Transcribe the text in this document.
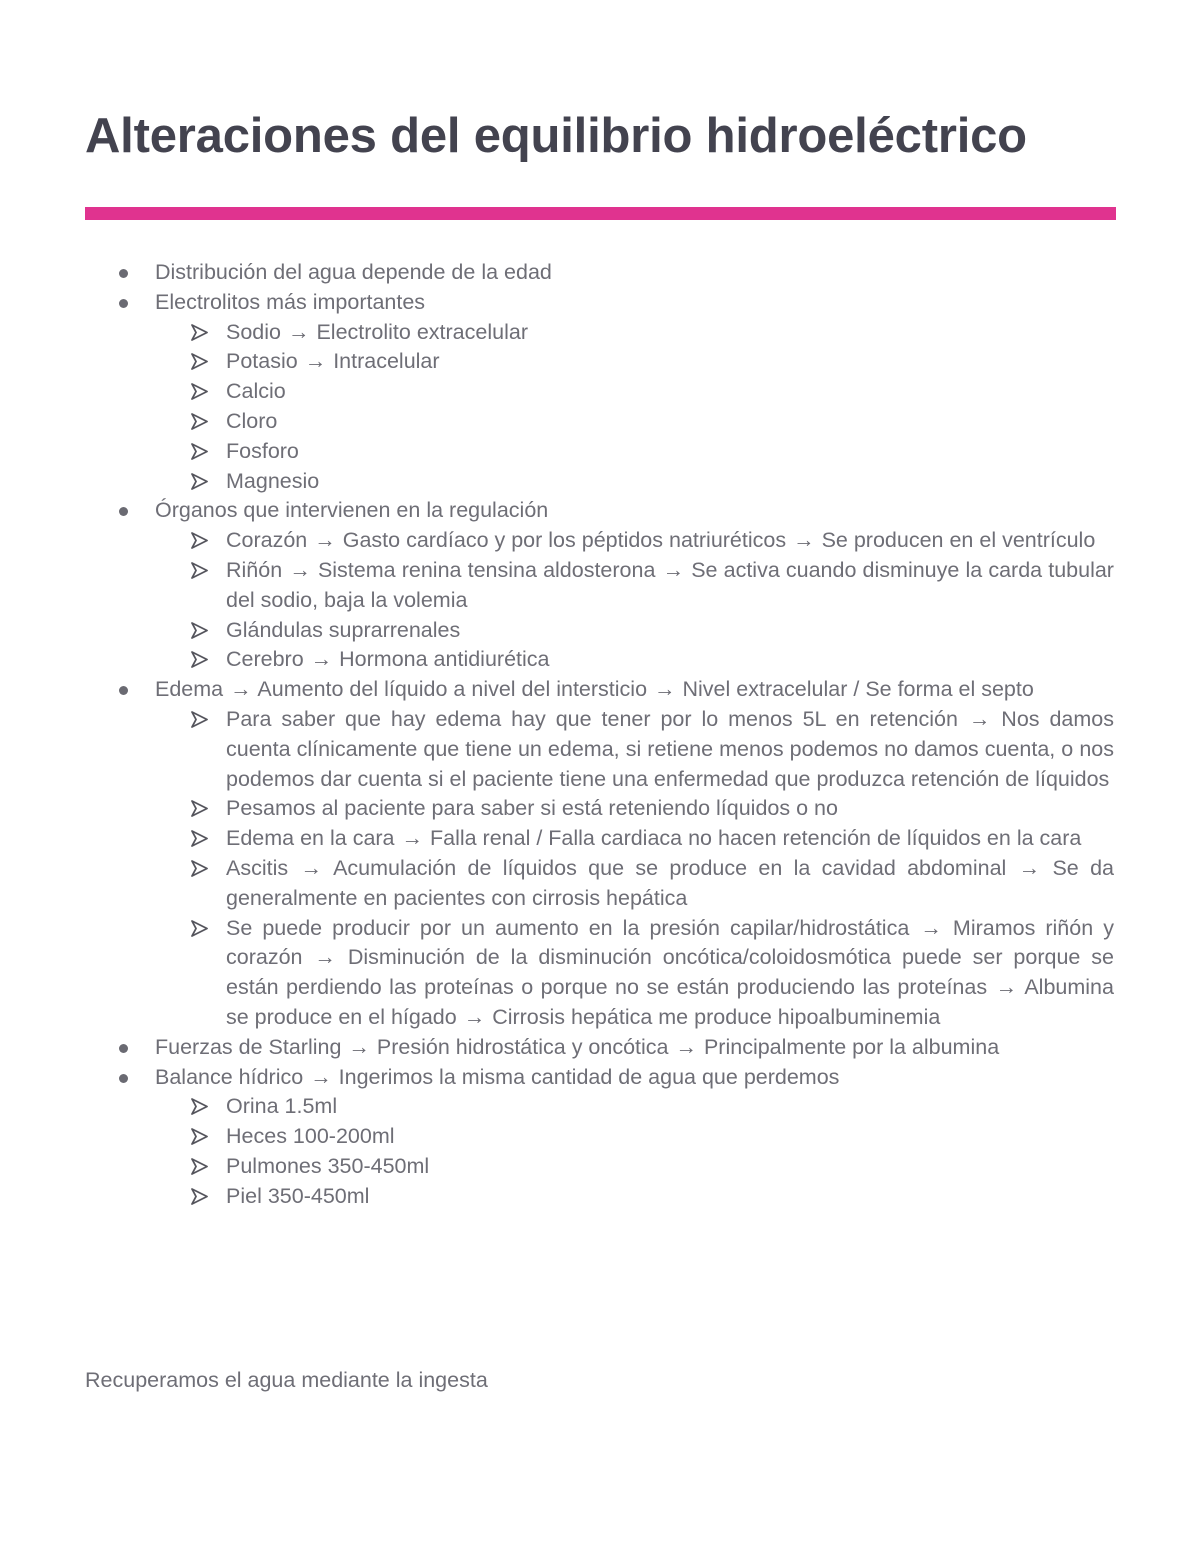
Alteraciones del equilibrio hidroeléctrico
Distribución del agua depende de la edad
Electrolitos más importantes
Sodio → Electrolito extracelular
Potasio → Intracelular
Calcio
Cloro
Fosforo
Magnesio
Órganos que intervienen en la regulación
Corazón → Gasto cardíaco y por los péptidos natriuréticos → Se producen en el ventrículo
Riñón → Sistema renina tensina aldosterona → Se activa cuando disminuye la carda tubular del sodio, baja la volemia
Glándulas suprarrenales
Cerebro → Hormona antidiurética
Edema → Aumento del líquido a nivel del intersticio → Nivel extracelular / Se forma el septo
Para saber que hay edema hay que tener por lo menos 5L en retención → Nos damos cuenta clínicamente que tiene un edema, si retiene menos podemos no damos cuenta, o nos podemos dar cuenta si el paciente tiene una enfermedad que produzca retención de líquidos
Pesamos al paciente para saber si está reteniendo líquidos o no
Edema en la cara → Falla renal / Falla cardiaca no hacen retención de líquidos en la cara
Ascitis → Acumulación de líquidos que se produce en la cavidad abdominal → Se da generalmente en pacientes con cirrosis hepática
Se puede producir por un aumento en la presión capilar/hidrostática → Miramos riñón y corazón → Disminución de la disminución oncótica/coloidosmótica puede ser porque se están perdiendo las proteínas o porque no se están produciendo las proteínas → Albumina se produce en el hígado → Cirrosis hepática me produce hipoalbuminemia
Fuerzas de Starling → Presión hidrostática y oncótica → Principalmente por la albumina
Balance hídrico → Ingerimos la misma cantidad de agua que perdemos
Orina 1.5ml
Heces 100-200ml
Pulmones 350-450ml
Piel 350-450ml

Recuperamos el agua mediante la ingesta
